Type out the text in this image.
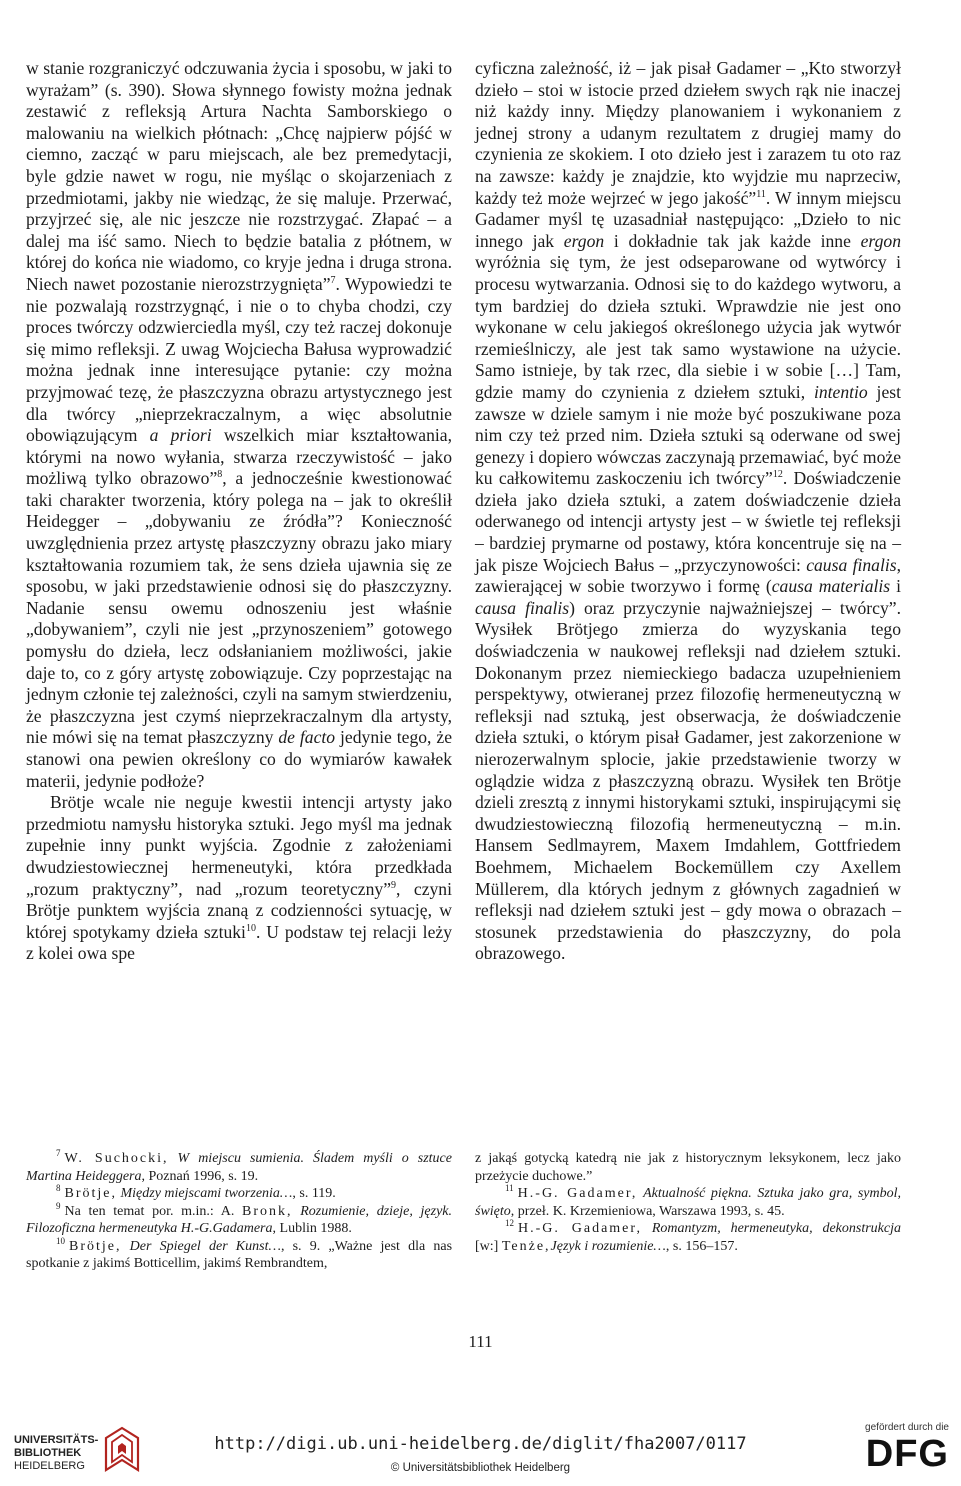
w stanie rozgraniczyć odczuwania życia i sposobu, w jaki to wyrażam” (s. 390). Słowa słynnego fowisty można jednak zestawić z refleksją Artura Nachta Samborskiego o malowaniu na wielkich płótnach: „Chcę najpierw pójść w ciemno, zacząć w paru miejscach, ale bez premedytacji, byle gdzie nawet w rogu, nie myśląc o skojarzeniach z przedmiotami, jakby nie wiedząc, że się maluje. Przerwać, przyjrzeć się, ale nic jeszcze nie rozstrzygać. Złapać – a dalej ma iść samo. Niech to będzie batalia z płótnem, w której do końca nie wiadomo, co kryje jedna i druga strona. Niech nawet pozostanie nierozstrzygnięta”$^7$. Wypowiedzi te nie pozwalają rozstrzygnąć, i nie o to chyba chodzi, czy proces twórczy odzwierciedla myśl, czy też raczej dokonuje się mimo refleksji. Z uwag Wojciecha Bałusa wyprowadzić można jednak inne interesujące pytanie: czy można przyjmować tezę, że płaszczyzna obrazu artystycznego jest dla twórcy „nieprzekraczalnym, a więc absolutnie obowiązującym a priori wszelkich miar kształtowania, którymi na nowo wyłania, stwarza rzeczywistość – jako możliwą tylko obrazowo”$^8$, a jednocześnie kwestionować taki charakter tworzenia, który polega na – jak to określił Heidegger – „dobywaniu ze źródła”? Konieczność uwzględnienia przez artystę płaszczyzny obrazu jako miary kształtowania rozumiem tak, że sens dzieła ujawnia się ze sposobu, w jaki przedstawienie odnosi się do płaszczyzny. Nadanie sensu owemu odnoszeniu jest właśnie „dobywaniem”, czyli nie jest „przynoszeniem” gotowego pomysłu do dzieła, lecz odsłanianiem możliwości, jakie daje to, co z góry artystę zobowiązuje. Czy poprzestając na jednym członie tej zależności, czyli na samym stwierdzeniu, że płaszczyzna jest czymś nieprzekraczalnym dla artysty, nie mówi się na temat płaszczyzny de facto jedynie tego, że stanowi ona pewien określony co do wymiarów kawałek materii, jedynie podłoże?

Brötje wcale nie neguje kwestii intencji artysty jako przedmiotu namysłu historyka sztuki. Jego myśl ma jednak zupełnie inny punkt wyjścia. Zgodnie z założeniami dwudziestowiecznej hermeneutyki, która przedkłada „rozum praktyczny”, nad „rozum teoretyczny”$^9$, czyni Brötje punktem wyjścia znaną z codzienności sytuację, w której spotykamy dzieła sztuki$^{10}$. U podstaw tej relacji leży z kolei owa spe

cyficzna zależność, iż – jak pisał Gadamer – „Kto stworzył dzieło – stoi w istocie przed dziełem swych rąk nie inaczej niż każdy inny. Między planowaniem i wykonaniem z jednej strony a udanym rezultatem z drugiej mamy do czynienia ze skokiem. I oto dzieło jest i zarazem tu oto raz na zawsze: każdy je znajdzie, kto wyjdzie mu naprzeciw, każdy też może wejrzeć w jego jakość”$^{11}$. W innym miejscu Gadamer myśl tę uzasadniał następująco: „Dzieło to nic innego jak ergon i dokładnie tak jak każde inne ergon wyróżnia się tym, że jest odseparowane od wytwórcy i procesu wytwarzania. Odnosi się to do każdego wytworu, a tym bardziej do dzieła sztuki. Wprawdzie nie jest ono wykonane w celu jakiegoś określonego użycia jak wytwór rzemieślniczy, ale jest tak samo wystawione na użycie. Samo istnieje, by tak rzec, dla siebie i w sobie […] Tam, gdzie mamy do czynienia z dziełem sztuki, intentio jest zawsze w dziele samym i nie może być poszukiwane poza nim czy też przed nim. Dzieła sztuki są oderwane od swej genezy i dopiero wówczas zaczynają przemawiać, być może ku całkowitemu zaskoczeniu ich twórcy”$^{12}$. Doświadczenie dzieła jako dzieła sztuki, a zatem doświadczenie dzieła oderwanego od intencji artysty jest – w świetle tej refleksji – bardziej prymarne od postawy, która koncentruje się na – jak pisze Wojciech Bałus – „przyczynowości: causa finalis, zawierającej w sobie tworzywo i formę (causa materialis i causa finalis) oraz przyczynie najważniejszej – twórcy”. Wysiłek Brötjego zmierza do wyzyskania tego doświadczenia w naukowej refleksji nad dziełem sztuki. Dokonanym przez niemieckiego badacza uzupełnieniem perspektywy, otwieranej przez filozofię hermeneutyczną w refleksji nad sztuką, jest obserwacja, że doświadczenie dzieła sztuki, o którym pisał Gadamer, jest zakorzenione w nierozerwalnym splocie, jakie przedstawienie tworzy w oglądzie widza z płaszczyzną obrazu. Wysiłek ten Brötje dzieli zresztą z innymi historykami sztuki, inspirującymi się dwudziestowieczną filozofią hermeneutyczną – m.in. Hansem Sedlmayrem, Maxem Imdahlem, Gottfriedem Boehmem, Michaelem Bockemüllem czy Axellem Müllerem, dla których jednym z głównych zagadnień w refleksji nad dziełem sztuki jest – gdy mowa o obrazach – stosunek przedstawienia do płaszczyzny, do pola obrazowego.

$^7$ W. Suchocki, W miejscu sumienia. Śladem myśli o sztuce Martina Heideggera, Poznań 1996, s. 19.

$^8$ Brötje, Między miejscami tworzenia…, s. 119.

$^9$ Na ten temat por. m.in.: A. Bronk, Rozumienie, dzieje, język. Filozoficzna hermeneutyka H.-G.Gadamera, Lublin 1988.

$^{10}$ Brötje, Der Spiegel der Kunst…, s. 9. „Ważne jest dla nas spotkanie z jakimś Botticellim, jakimś Rembrandtem,

z jakąś gotycką katedrą nie jak z historycznym leksykonem, lecz jako przeżycie duchowe.”

$^{11}$ H.-G. Gadamer, Aktualność piękna. Sztuka jako gra, symbol, święto, przeł. K. Krzemieniowa, Warszawa 1993, s. 45.

$^{12}$ H.-G. Gadamer, Romantyzm, hermeneutyka, dekonstrukcja [w:] Tenże,Język i rozumienie…, s. 156–157.

111
UNIVERSITÄTS-
BIBLIOTHEK
HEIDELBERG
http://digi.ub.uni-heidelberg.de/diglit/fha2007/0117
© Universitätsbibliothek Heidelberg
gefördert durch die
DFG
